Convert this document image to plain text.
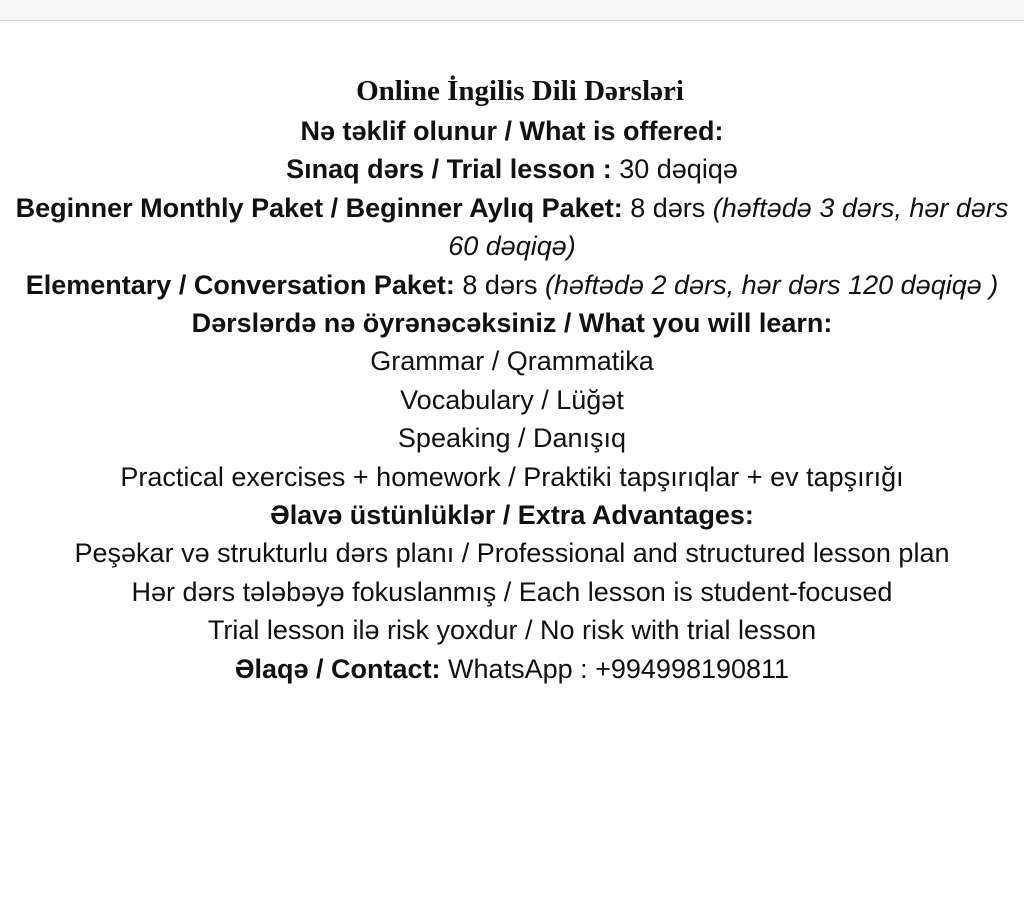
Online İngilis Dili Dərsləri

Nə təklif olunur / What is offered:

Sınaq dərs / Trial lesson : 30 dəqiqə

Beginner Monthly Paket / Beginner Aylıq Paket: 8 dərs (həftədə 3 dərs, hər dərs 60 dəqiqə)

Elementary / Conversation Paket: 8 dərs (həftədə 2 dərs, hər dərs 120 dəqiqə )

Dərslərdə nə öyrənəcəksiniz / What you will learn:

Grammar / Qrammatika

Vocabulary / Lüğət

Speaking / Danışıq

Practical exercises + homework / Praktiki tapşırıqlar + ev tapşırığı

Əlavə üstünlüklər / Extra Advantages:

Peşəkar və strukturlu dərs planı / Professional and structured lesson plan

Hər dərs tələbəyə fokuslanmış / Each lesson is student-focused

Trial lesson ilə risk yoxdur / No risk with trial lesson

Əlaqə / Contact: WhatsApp : +994998190811
